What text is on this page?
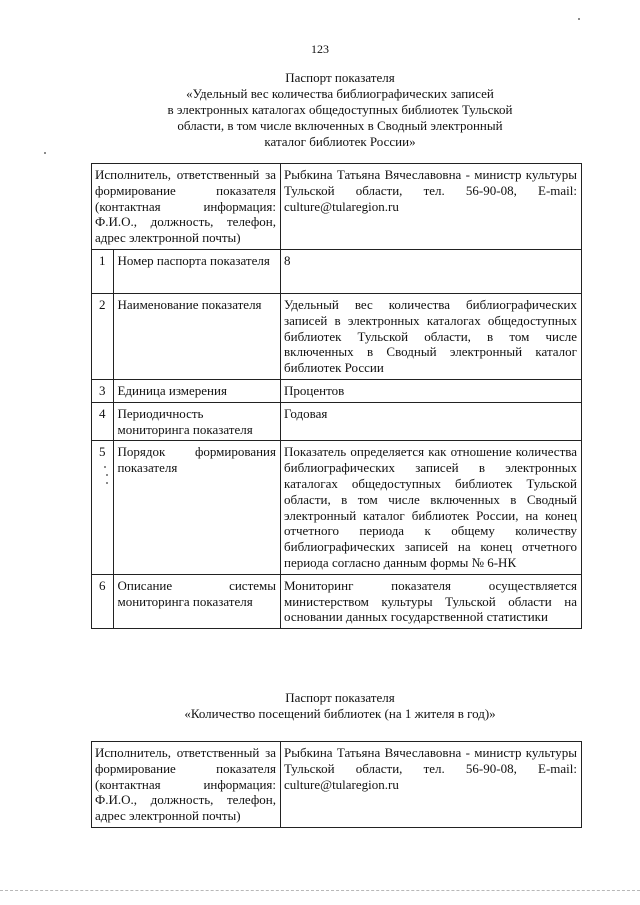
123
Паспорт показателя
«Удельный вес количества библиографических записей
в электронных каталогах общедоступных библиотек Тульской
области, в том числе включенных в Сводный электронный
каталог библиотек России»
Исполнитель, ответственный за формирование показателя (контактная информация: Ф.И.О., должность, телефон, адрес электронной почты)		Рыбкина Татьяна Вячеславовна - министр культуры Тульской области, тел. 56-90-08, E-mail: culture@tularegion.ru
1	Номер паспорта показателя	8
2	Наименование показателя	Удельный вес количества библиографических записей в электронных каталогах общедоступных библиотек Тульской области, в том числе включенных в Сводный электронный каталог библиотек России
3	Единица измерения	Процентов
4	Периодичность мониторинга показателя	Годовая
5	Порядок формирования показателя	Показатель определяется как отношение количества библиографических записей в электронных каталогах общедоступных библиотек Тульской области, в том числе включенных в Сводный электронный каталог библиотек России, на конец отчетного периода к общему количеству библиографических записей на конец отчетного периода согласно данным формы № 6-НК
6	Описание системы мониторинга показателя	Мониторинг показателя осуществляется министерством культуры Тульской области на основании данных государственной статистики
Паспорт показателя
«Количество посещений библиотек (на 1 жителя в год)»
Исполнитель, ответственный за формирование показателя (контактная информация: Ф.И.О., должность, телефон, адрес электронной почты)	Рыбкина Татьяна Вячеславовна - министр культуры Тульской области, тел. 56-90-08, E-mail: culture@tularegion.ru
